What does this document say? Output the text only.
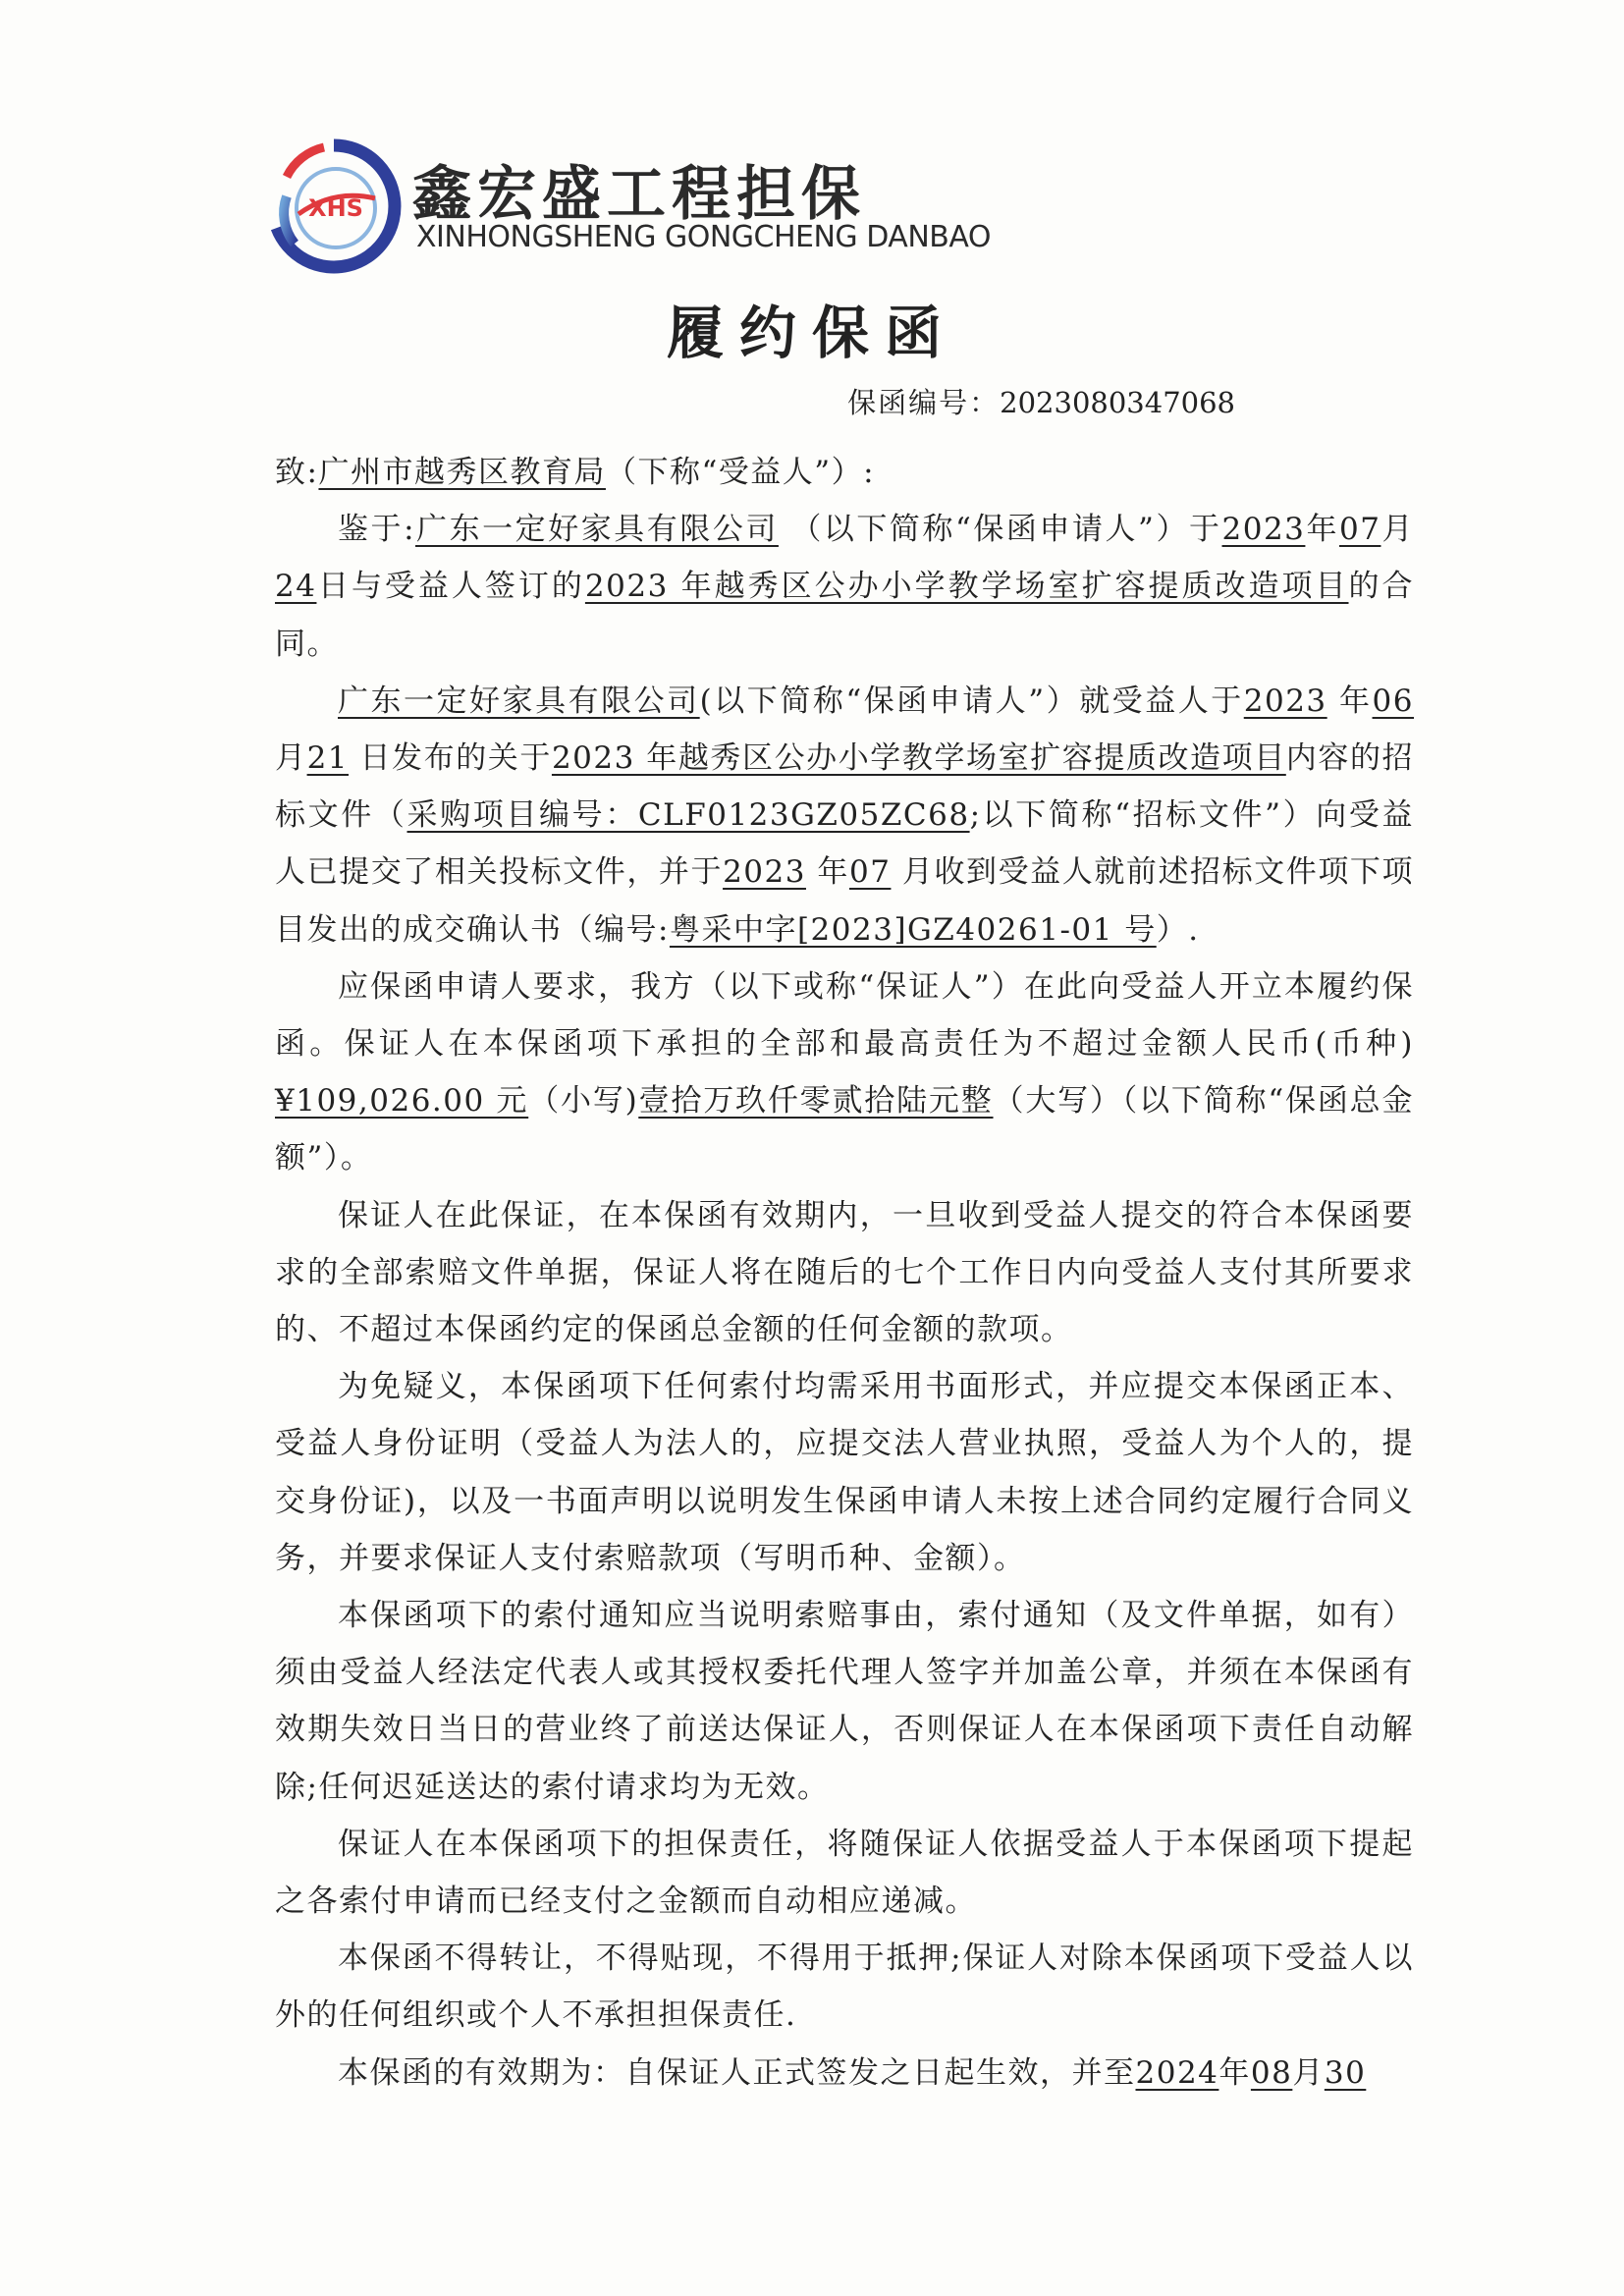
XHS 鑫宏盛工程担保
XINHONGSHENG GONGCHENG DANBAO
履约保函
保函编号：2023080347068

致:广州市越秀区教育局（下称“受益人”）:

鉴于:广东一定好家具有限公司 （以下简称“保函申请人”）于2023年07月24日与受益人签订的2023 年越秀区公办小学教学场室扩容提质改造项目的合同。

广东一定好家具有限公司(以下简称“保函申请人”）就受益人于2023 年06 月21 日发布的关于2023 年越秀区公办小学教学场室扩容提质改造项目内容的招标文件（采购项目编号：CLF0123GZ05ZC68;以下简称“招标文件”）向受益人已提交了相关投标文件，并于2023 年07 月收到受益人就前述招标文件项下项目发出的成交确认书（编号:粤采中字[2023]GZ40261-01 号）.

应保函申请人要求，我方（以下或称“保证人”）在此向受益人开立本履约保函。保证人在本保函项下承担的全部和最高责任为不超过金额人民币(币种)¥109,026.00 元（小写)壹拾万玖仟零贰拾陆元整（大写）（以下简称“保函总金额”）。

保证人在此保证，在本保函有效期内，一旦收到受益人提交的符合本保函要求的全部索赔文件单据，保证人将在随后的七个工作日内向受益人支付其所要求的、不超过本保函约定的保函总金额的任何金额的款项。

为免疑义，本保函项下任何索付均需采用书面形式，并应提交本保函正本、受益人身份证明（受益人为法人的，应提交法人营业执照，受益人为个人的，提交身份证)，以及一书面声明以说明发生保函申请人未按上述合同约定履行合同义务，并要求保证人支付索赔款项（写明币种、金额）。

本保函项下的索付通知应当说明索赔事由，索付通知（及文件单据，如有）须由受益人经法定代表人或其授权委托代理人签字并加盖公章，并须在本保函有效期失效日当日的营业终了前送达保证人，否则保证人在本保函项下责任自动解除;任何迟延送达的索付请求均为无效。

保证人在本保函项下的担保责任，将随保证人依据受益人于本保函项下提起之各索付申请而已经支付之金额而自动相应递减。

本保函不得转让，不得贴现，不得用于抵押;保证人对除本保函项下受益人以外的任何组织或个人不承担担保责任.

本保函的有效期为：自保证人正式签发之日起生效，并至2024年08月30
